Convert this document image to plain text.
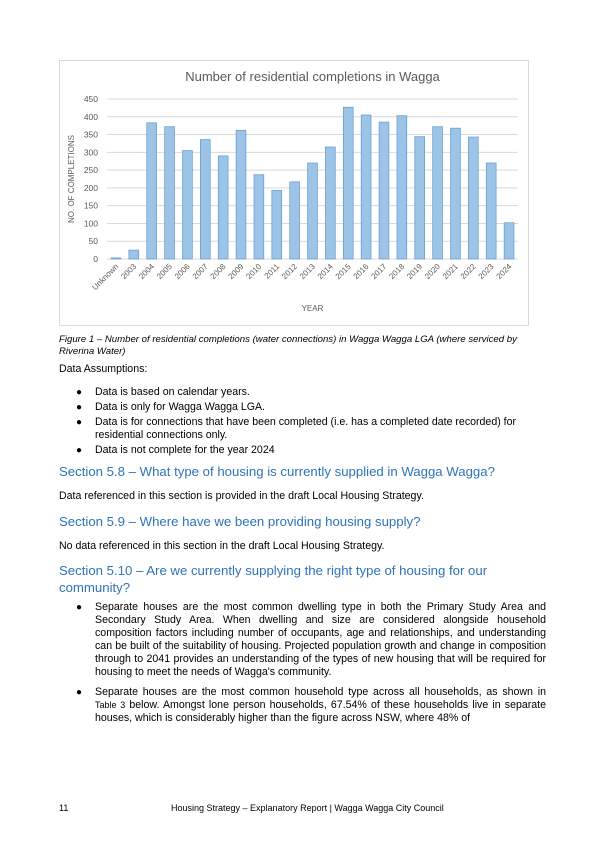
Number of residential completions in Wagga
0
50
100
150
200
250
300
350
400
450
Unknown
2003
2004
2005
2006
2007
2008
2009
2010 2011
2012
2013
2014
2015
2016
2017
2018
2019
2020
2021
2022
2023
2024
YEAR
NO. OF COMPLETIONS
Figure 1 – Number of residential completions (water connections) in Wagga Wagga LGA (where serviced by Riverina Water)
Data Assumptions:
● Data is based on calendar years.
● Data is only for Wagga Wagga LGA.
● Data is for connections that have been completed (i.e. has a completed date recorded) for residential connections only.
● Data is not complete for the year 2024
Section 5.8 – What type of housing is currently supplied in Wagga Wagga?

Data referenced in this section is provided in the draft Local Housing Strategy.

Section 5.9 – Where have we been providing housing supply?

No data referenced in this section in the draft Local Housing Strategy.

Section 5.10 – Are we currently supplying the right type of housing for our community?
● Separate houses are the most common dwelling type in both the Primary Study Area and Secondary Study Area. When dwelling and size are considered alongside household composition factors including number of occupants, age and relationships, and understanding can be built of the suitability of housing. Projected population growth and change in composition through to 2041 provides an understanding of the types of new housing that will be required for housing to meet the needs of Wagga's community.
● Separate houses are the most common household type across all households, as shown in Table 3 below. Amongst lone person households, 67.54% of these households live in separate houses, which is considerably higher than the figure across NSW, where 48% of
11	Housing Strategy – Explanatory Report | Wagga Wagga City Council
